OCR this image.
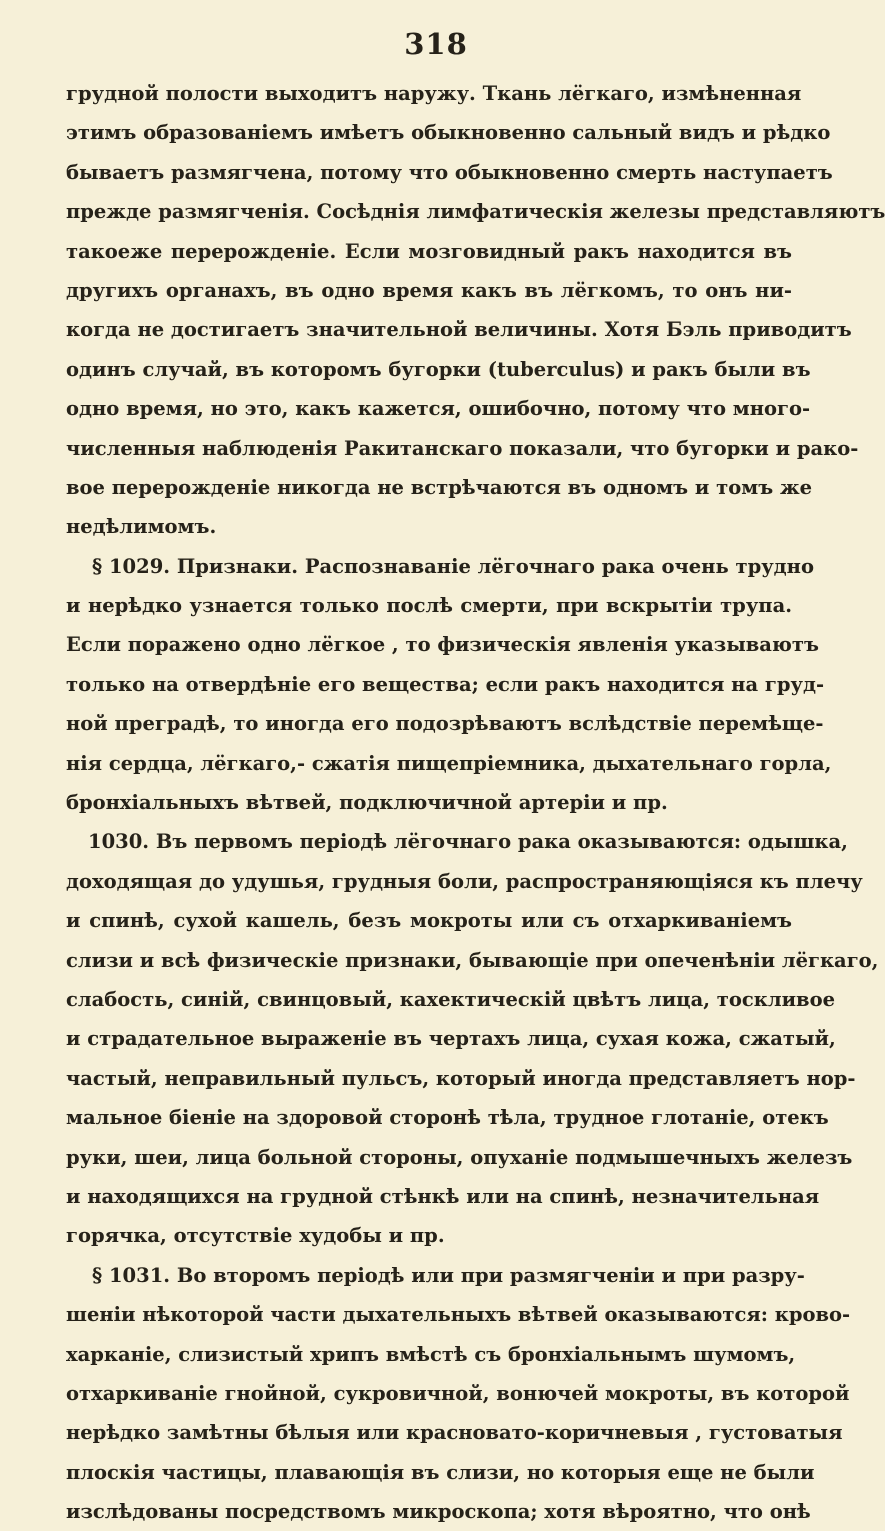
318
грудной полости выходитъ наружу. Ткань лёгкаго, измѣненная
этимъ образованіемъ имѣетъ обыкновенно сальный видъ и рѣдко
бываетъ размягчена, потому что обыкновенно смерть наступаетъ
прежде размягченія. Сосѣднія лимфатическія железы представляютъ
такоеже перерожденіе. Если мозговидный ракъ находится въ
другихъ органахъ, въ одно время какъ въ лёгкомъ, то онъ ни-
когда не достигаетъ значительной величины. Хотя Бэль приводитъ
одинъ случай, въ которомъ бугорки (tuberculus) и ракъ были въ
одно время, но это, какъ кажется, ошибочно, потому что много-
численныя наблюденія Ракитанскаго показали, что бугорки и рако-
вое перерожденіе никогда не встрѣчаются въ одномъ и томъ же
недѣлимомъ.
§ 1029. Признаки. Распознаваніе лёгочнаго рака очень трудно
и нерѣдко узнается только послѣ смерти, при вскрытіи трупа.
Если поражено одно лёгкое , то физическія явленія указываютъ
только на отвердѣніе его вещества; если ракъ находится на груд-
ной преградѣ, то иногда его подозрѣваютъ вслѣдствіе перемѣще-
нія сердца, лёгкаго,- сжатія пищепріемника, дыхательнаго горла,
бронхіальныхъ вѣтвей, подключичной артеріи и пр.
1030. Въ первомъ періодѣ лёгочнаго рака оказываются: одышка,
доходящая до удушья, грудныя боли, распространяющіяся къ плечу
и спинѣ, сухой кашель, безъ мокроты или съ отхаркиваніемъ
слизи и всѣ физическіе признаки, бывающіе при опеченѣніи лёгкаго,
слабость, синій, свинцовый, кахектическій цвѣтъ лица, тоскливое
и страдательное выраженіе въ чертахъ лица, сухая кожа, сжатый,
частый, неправильный пульсъ, который иногда представляетъ нор-
мальное біеніе на здоровой сторонѣ тѣла, трудное глотаніе, отекъ
руки, шеи, лица больной стороны, опуханіе подмышечныхъ железъ
и находящихся на грудной стѣнкѣ или на спинѣ, незначительная
горячка, отсутствіе худобы и пр.
§ 1031. Во второмъ періодѣ или при размягченіи и при разру-
шеніи нѣкоторой части дыхательныхъ вѣтвей оказываются: крово-
харканіе, слизистый хрипъ вмѣстѣ съ бронхіальнымъ шумомъ,
отхаркиваніе гнойной, сукровичной, вонючей мокроты, въ которой
нерѣдко замѣтны бѣлыя или красновато-коричневыя , густоватыя
плоскія частицы, плавающія въ слизи, но которыя еще не были
изслѣдованы посредствомъ микроскопа; хотя вѣроятно, что онѣ
